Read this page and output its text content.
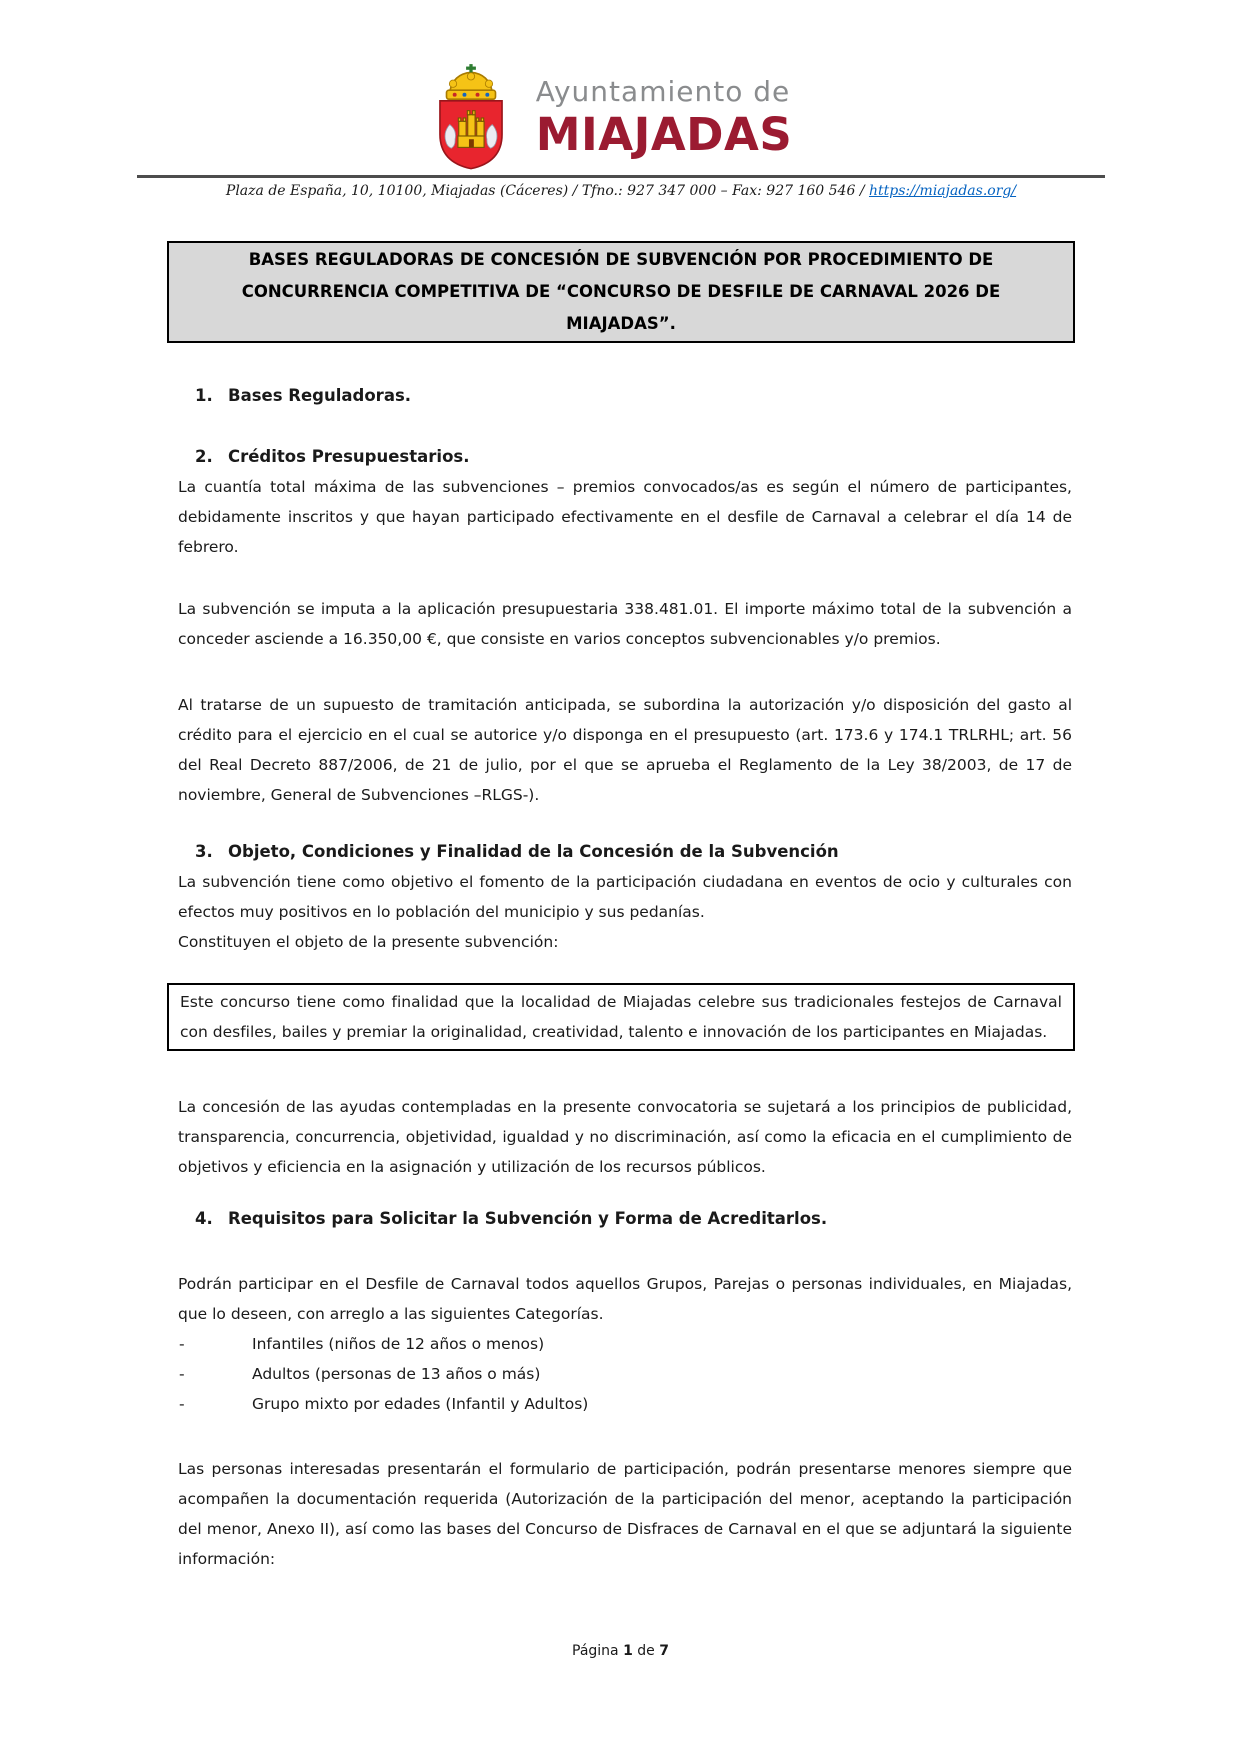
Ayuntamiento de
MIAJADAS
Plaza de España, 10, 10100, Miajadas (Cáceres) / Tfno.: 927 347 000 – Fax: 927 160 546 / https://miajadas.org/
BASES REGULADORAS DE CONCESIÓN DE SUBVENCIÓN POR PROCEDIMIENTO DE CONCURRENCIA COMPETITIVA DE “CONCURSO DE DESFILE DE CARNAVAL 2026 DE MIAJADAS”.
1. Bases Reguladoras.
2. Créditos Presupuestarios.

La cuantía total máxima de las subvenciones – premios convocados/as es según el número de participantes, debidamente inscritos y que hayan participado efectivamente en el desfile de Carnaval a celebrar el día 14 de febrero.

La subvención se imputa a la aplicación presupuestaria 338.481.01. El importe máximo total de la subvención a conceder asciende a 16.350,00 €, que consiste en varios conceptos subvencionables y/o premios.

Al tratarse de un supuesto de tramitación anticipada, se subordina la autorización y/o disposición del gasto al crédito para el ejercicio en el cual se autorice y/o disponga en el presupuesto (art. 173.6 y 174.1 TRLRHL; art. 56 del Real Decreto 887/2006, de 21 de julio, por el que se aprueba el Reglamento de la Ley 38/2003, de 17 de noviembre, General de Subvenciones –RLGS-).

3. Objeto, Condiciones y Finalidad de la Concesión de la Subvención

La subvención tiene como objetivo el fomento de la participación ciudadana en eventos de ocio y culturales con efectos muy positivos en lo población del municipio y sus pedanías.

Constituyen el objeto de la presente subvención:

Este concurso tiene como finalidad que la localidad de Miajadas celebre sus tradicionales festejos de Carnaval con desfiles, bailes y premiar la originalidad, creatividad, talento e innovación de los participantes en Miajadas.

La concesión de las ayudas contempladas en la presente convocatoria se sujetará a los principios de publicidad, transparencia, concurrencia, objetividad, igualdad y no discriminación, así como la eficacia en el cumplimiento de objetivos y eficiencia en la asignación y utilización de los recursos públicos.

4. Requisitos para Solicitar la Subvención y Forma de Acreditarlos.

Podrán participar en el Desfile de Carnaval todos aquellos Grupos, Parejas o personas individuales, en Miajadas, que lo deseen, con arreglo a las siguientes Categorías.

-	Infantiles (niños de 12 años o menos)
-	Adultos (personas de 13 años o más)
-	Grupo mixto por edades (Infantil y Adultos)

Las personas interesadas presentarán el formulario de participación, podrán presentarse menores siempre que acompañen la documentación requerida (Autorización de la participación del menor, aceptando la participación del menor, Anexo II), así como las bases del Concurso de Disfraces de Carnaval en el que se adjuntará la siguiente información:

Página 1 de 7
